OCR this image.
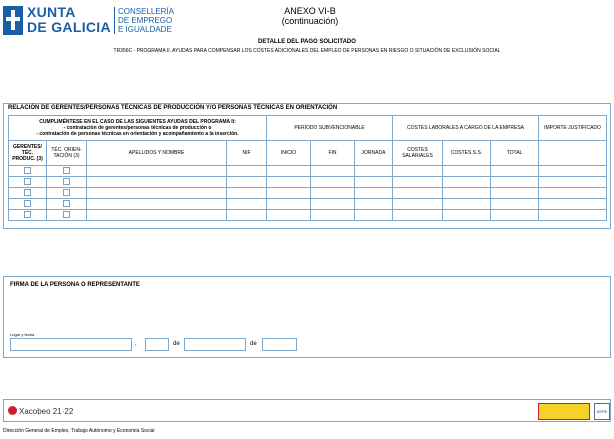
XUNTA
DE GALICIA
CONSELLERÍA
DE EMPREGO
E IGUALDADE
ANEXO VI-B
(continuación)
DETALLE DEL PAGO SOLICITADO
TR356C - PROGRAMA II. AYUDAS PARA COMPENSAR LOS COSTES ADICIONALES DEL EMPLEO DE PERSONAS EN RIESGO O SITUACIÓN DE EXCLUSIÓN SOCIAL
RELACIÓN DE GERENTES/PERSONAS TÉCNICAS DE PRODUCCIÓN Y/O PERSONAS TÉCNICAS EN ORIENTACIÓN
CUMPLIMÉNTESE EN EL CASO DE LAS SIGUIENTES AYUDAS DEL PROGRAMA II:
- contratación de gerentes/personas técnicas de producción o
- contratación de personas técnicas en orientación y acompañamiento a la inserción.				PERÍODO SUBVENCIONABLE			COSTES LABORALES A CARGO DE LA EMPRESA			IMPORTE JUSTIFICADO
GERENTES/ TÉC. PRODUC. (3)	TÉC. ORIEN- TACIÓN (3)	APELLIDOS Y NOMBRE	NIF	INICIO	FIN	JORNADA	COSTES SALARIALES	COSTES S.S.	TOTAL	

FIRMA DE LA PERSONA O REPRESENTANTE
Lugar y fecha
,	de	de
Xacobeo 21·22	SEPE
Dirección General de Empleo, Trabajo Autónomo y Economía Social
